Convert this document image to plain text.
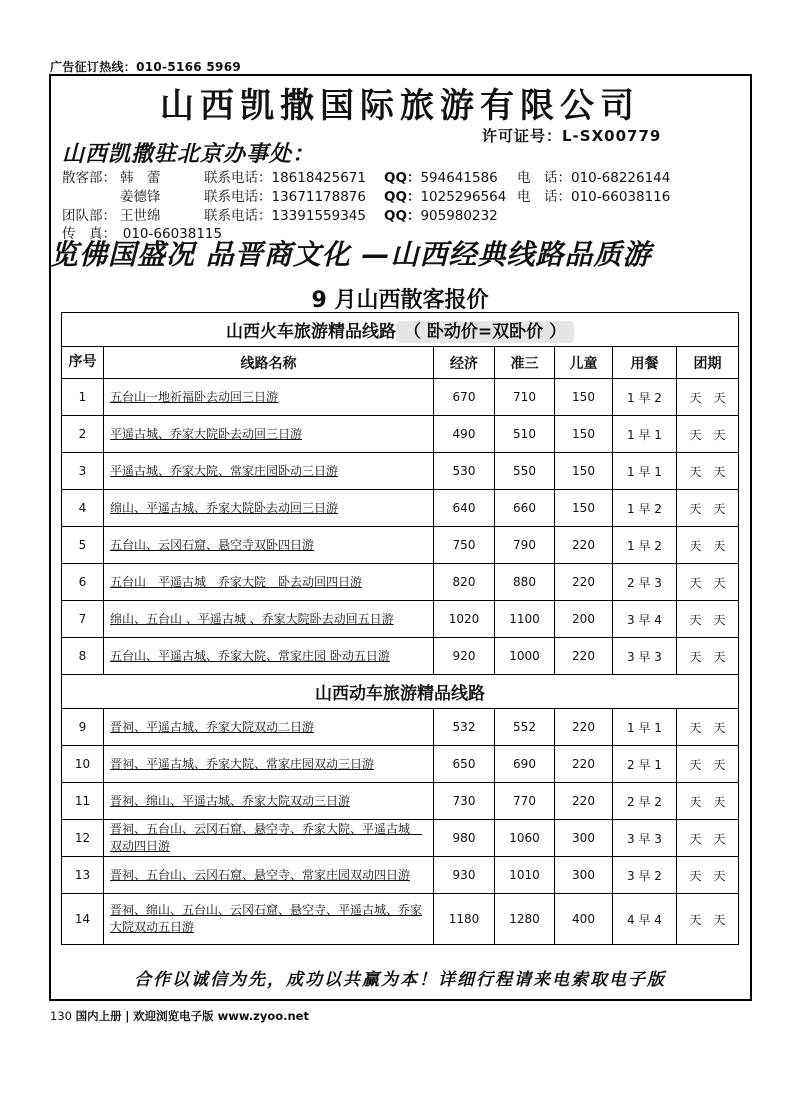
广告征订热线：010-5166 5969
山西凯撒国际旅游有限公司
许可证号：L-SX00779
山西凯撒驻北京办事处：
散客部： 韩　蕾	联系电话：18618425671 QQ：594641586 电　话：010-68226144
姜德锋	联系电话：13671178876 QQ：1025296564 电　话：010-66038116
团队部： 王世绵	联系电话：13391559345 QQ：905980232
传　真：　010-66038115
览佛国盛况 品晋商文化 —山西经典线路品质游
9 月山西散客报价
山西火车旅游精品线路 （ 卧动价=双卧价 ）						
序号	线路名称	经济	准三	儿童	用餐	团期
1	五台山一地祈福卧去动回三日游	670	710	150	1 早 2	天　天
2	平遥古城、乔家大院卧去动回三日游	490	510	150	1 早 1	天　天
3	平遥古城、乔家大院、常家庄园卧动三日游	530	550	150	1 早 1	天　天
4	绵山、平遥古城、乔家大院卧去动回三日游	640	660	150	1 早 2	天　天
5	五台山、云冈石窟、悬空寺双卧四日游	750	790	220	1 早 2	天　天
6	五台山　平遥古城　乔家大院　卧去动回四日游	820	880	220	2 早 3	天　天
7	绵山、五台山 、平遥古城 、乔家大院卧去动回五日游	1020	1100	200	3 早 4	天　天
8	五台山、平遥古城、乔家大院、常家庄园 卧动五日游	920	1000	220	3 早 3	天　天
山西动车旅游精品线路						
9	晋祠、平遥古城、乔家大院双动二日游	532	552	220	1 早 1	天　天
10	晋祠、平遥古城、乔家大院、常家庄园双动三日游	650	690	220	2 早 1	天　天
11	晋祠、绵山、平遥古城、乔家大院双动三日游	730	770	220	2 早 2	天　天
12	晋祠、五台山、云冈石窟、悬空寺、乔家大院、平遥古城　双动四日游	980	1060	300	3 早 3	天　天
13	晋祠、五台山、云冈石窟、悬空寺、常家庄园双动四日游	930	1010	300	3 早 2	天　天
14	晋祠、绵山、五台山、云冈石窟、悬空寺、平遥古城、乔家大院双动五日游	1180	1280	400	4 早 4	天　天
合作以诚信为先，成功以共赢为本！详细行程请来电索取电子版
130 国内上册 | 欢迎浏览电子版 www.zyoo.net
